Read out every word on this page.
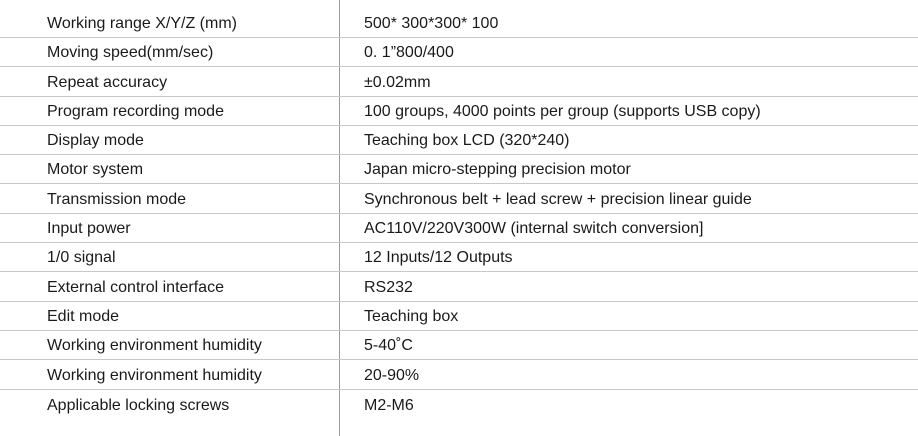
Working range X/Y/Z (mm)	500* 300*300* 100
Moving speed(mm/sec)	0. 1”800/400
Repeat accuracy	±0.02mm
Program recording mode	100 groups, 4000 points per group (supports USB copy)
Display mode	Teaching box LCD (320*240)
Motor system	Japan micro-stepping precision motor
Transmission mode	Synchronous belt + lead screw + precision linear guide
Input power	AC110V/220V300W (internal switch conversion]
1/0 signal	12 Inputs/12 Outputs
External control interface	RS232
Edit mode	Teaching box
Working environment humidity	5-40˚C
Working environment humidity	20-90%
Applicable locking screws	M2-M6
